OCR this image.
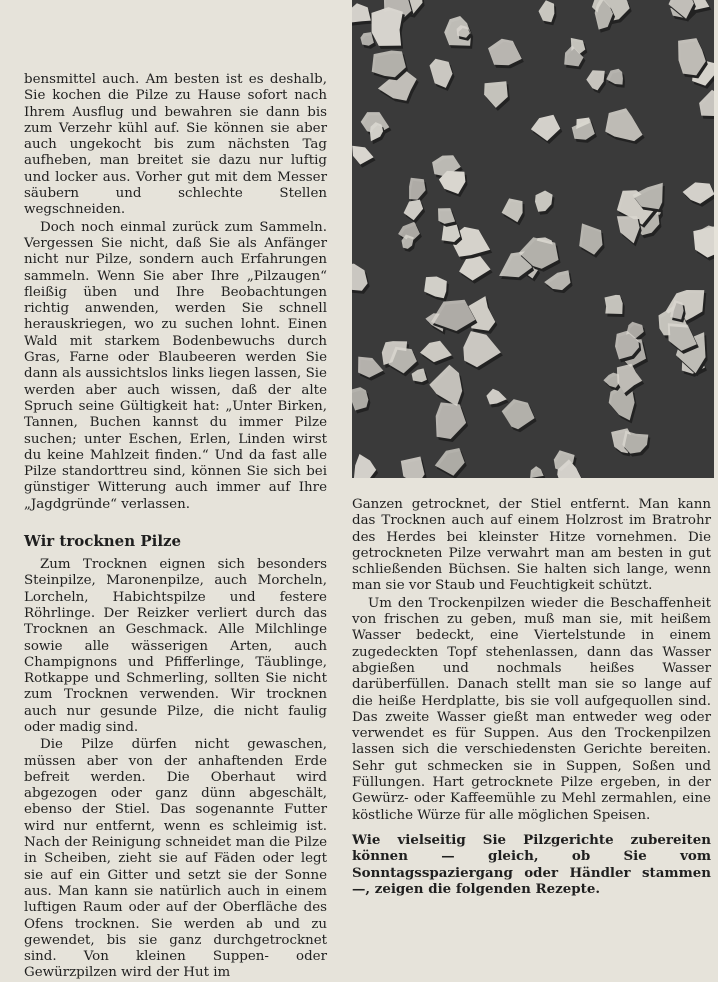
bensmittel auch. Am besten ist es deshalb, Sie kochen die Pilze zu Hause sofort nach Ihrem Ausflug und bewahren sie dann bis zum Verzehr kühl auf. Sie können sie aber auch ungekocht bis zum nächsten Tag aufheben, man breitet sie dazu nur luftig und locker aus. Vorher gut mit dem Messer säubern und schlechte Stellen wegschneiden.

Doch noch einmal zurück zum Sammeln. Vergessen Sie nicht, daß Sie als Anfänger nicht nur Pilze, sondern auch Erfahrungen sammeln. Wenn Sie aber Ihre „Pilzaugen“ fleißig üben und Ihre Beobachtungen richtig anwenden, werden Sie schnell herauskriegen, wo zu suchen lohnt. Einen Wald mit starkem Bodenbewuchs durch Gras, Farne oder Blaubeeren werden Sie dann als aussichtslos links liegen lassen, Sie werden aber auch wissen, daß der alte Spruch seine Gültigkeit hat: „Unter Birken, Tannen, Buchen kannst du immer Pilze suchen; unter Eschen, Erlen, Linden wirst du keine Mahlzeit finden.“ Und da fast alle Pilze standorttreu sind, können Sie sich bei günstiger Witterung auch immer auf Ihre „Jagdgründe“ verlassen.

Wir trocknen Pilze

Zum Trocknen eignen sich besonders Steinpilze, Maronenpilze, auch Morcheln, Lorcheln, Habichtspilze und festere Röhrlinge. Der Reizker verliert durch das Trocknen an Geschmack. Alle Milchlinge sowie alle wässerigen Arten, auch Champignons und Pfifferlinge, Täublinge, Rotkappe und Schmerling, sollten Sie nicht zum Trocknen verwenden. Wir trocknen auch nur gesunde Pilze, die nicht faulig oder madig sind.

Die Pilze dürfen nicht gewaschen, müssen aber von der anhaftenden Erde befreit werden. Die Oberhaut wird abgezogen oder ganz dünn abgeschält, ebenso der Stiel. Das sogenannte Futter wird nur entfernt, wenn es schleimig ist. Nach der Reinigung schneidet man die Pilze in Scheiben, zieht sie auf Fäden oder legt sie auf ein Gitter und setzt sie der Sonne aus. Man kann sie natürlich auch in einem luftigen Raum oder auf der Oberfläche des Ofens trocknen. Sie werden ab und zu gewendet, bis sie ganz durchgetrocknet sind. Von kleinen Suppen- oder Gewürzpilzen wird der Hut im

Ganzen getrocknet, der Stiel entfernt. Man kann das Trocknen auch auf einem Holzrost im Bratrohr des Herdes bei kleinster Hitze vornehmen. Die getrockneten Pilze verwahrt man am besten in gut schließenden Büchsen. Sie halten sich lange, wenn man sie vor Staub und Feuchtigkeit schützt.

Um den Trockenpilzen wieder die Beschaffenheit von frischen zu geben, muß man sie, mit heißem Wasser bedeckt, eine Viertelstunde in einem zugedeckten Topf stehenlassen, dann das Wasser abgießen und nochmals heißes Wasser darüberfüllen. Danach stellt man sie so lange auf die heiße Herdplatte, bis sie voll aufgequollen sind. Das zweite Wasser gießt man entweder weg oder verwendet es für Suppen. Aus den Trockenpilzen lassen sich die verschiedensten Gerichte bereiten. Sehr gut schmecken sie in Suppen, Soßen und Füllungen. Hart getrocknete Pilze ergeben, in der Gewürz- oder Kaffeemühle zu Mehl zermahlen, eine köstliche Würze für alle möglichen Speisen.

Wie vielseitig Sie Pilzgerichte zubereiten können — gleich, ob Sie vom Sonntagsspaziergang oder Händler stammen —, zeigen die folgenden Rezepte.
